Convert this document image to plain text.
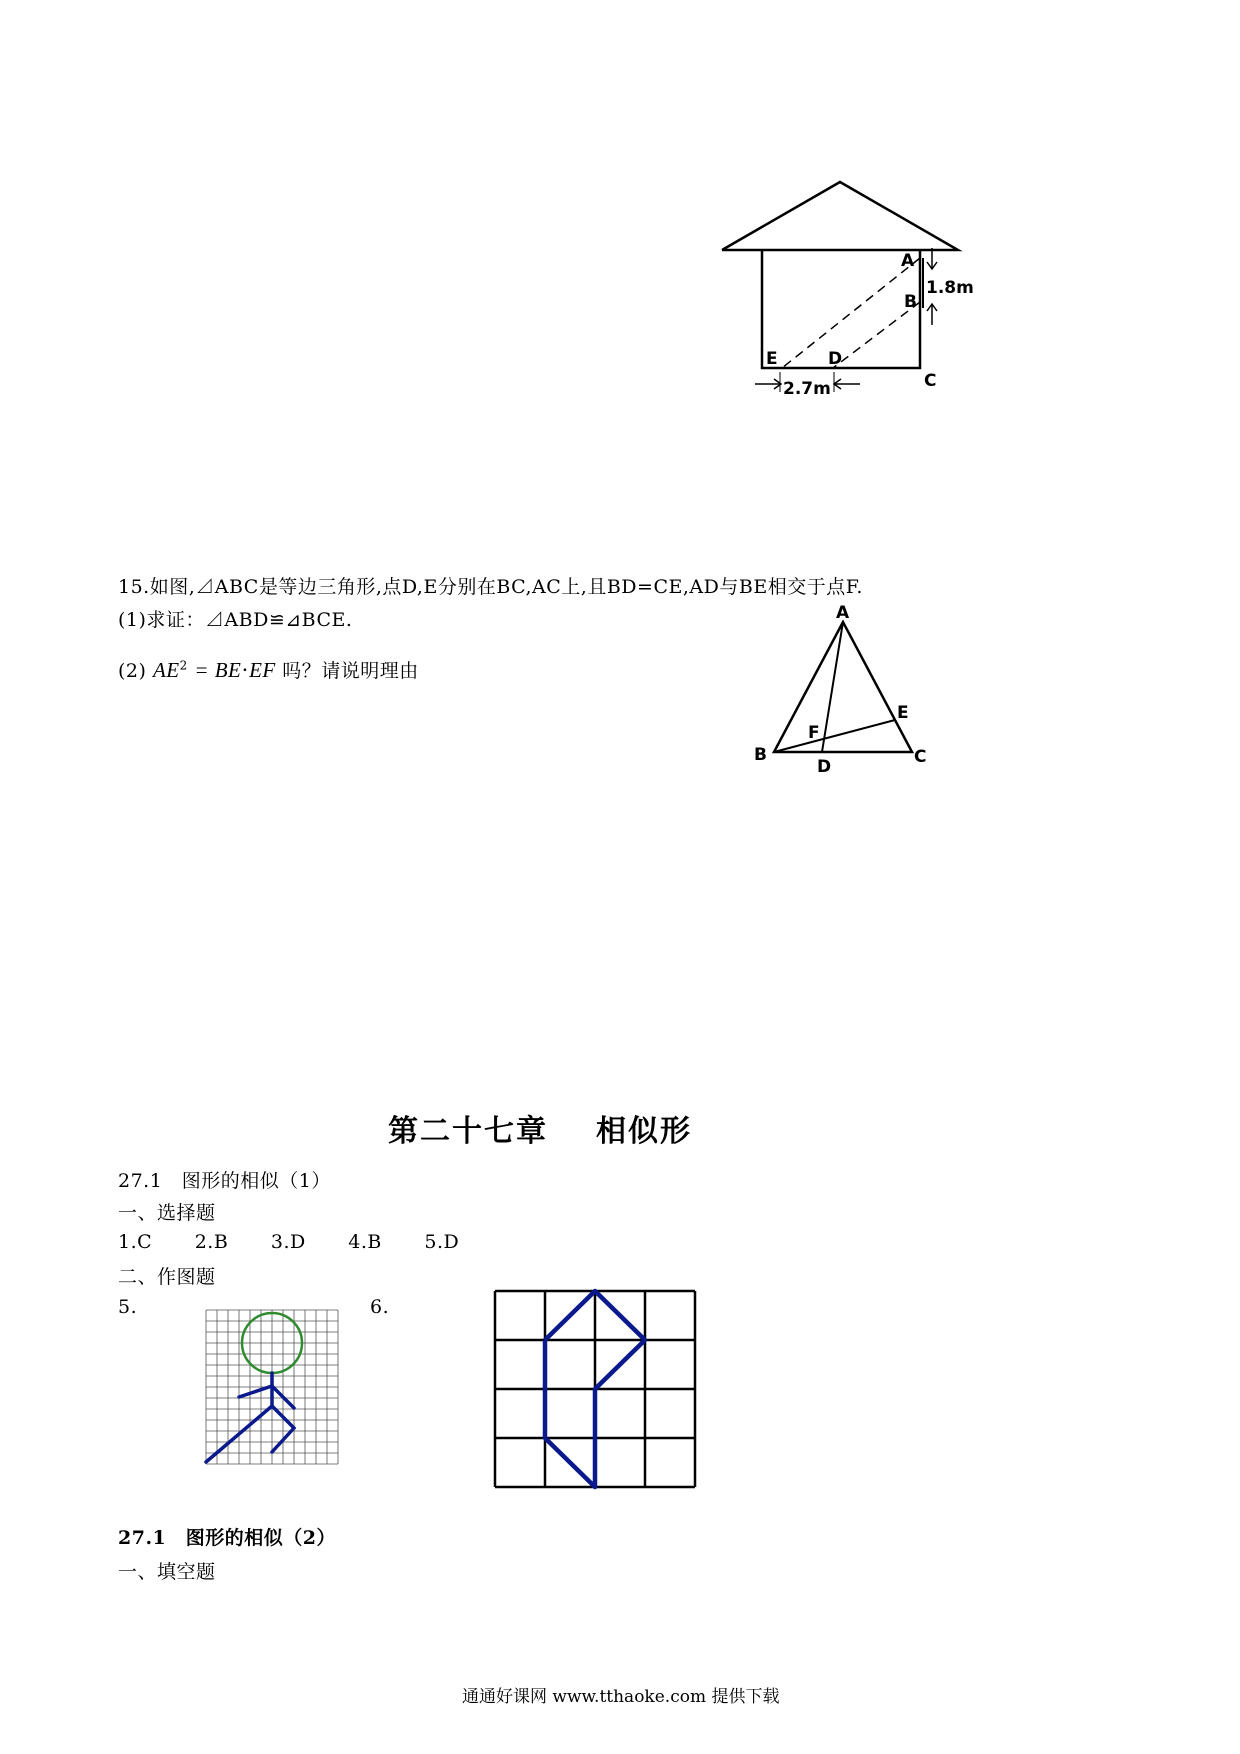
A
B
C
D
E
1.8m
2.7m
15.如图,⊿ABC是等边三角形,点D,E分别在BC,AC上,且BD=CE,AD与BE相交于点F.
(1)求证：⊿ABD≌⊿BCE.
(2) $AE^2 = BE\cdot EF$ 吗？请说明理由
A
B	C
D
E
F
第二十七章 相似形
27.1　图形的相似（1）
一、选择题
1.C 2.B 3.D 4.B 5.D
二、作图题
5.	6.
27.1　图形的相似（2）
一、填空题
通通好课网 www.tthaoke.com 提供下载
